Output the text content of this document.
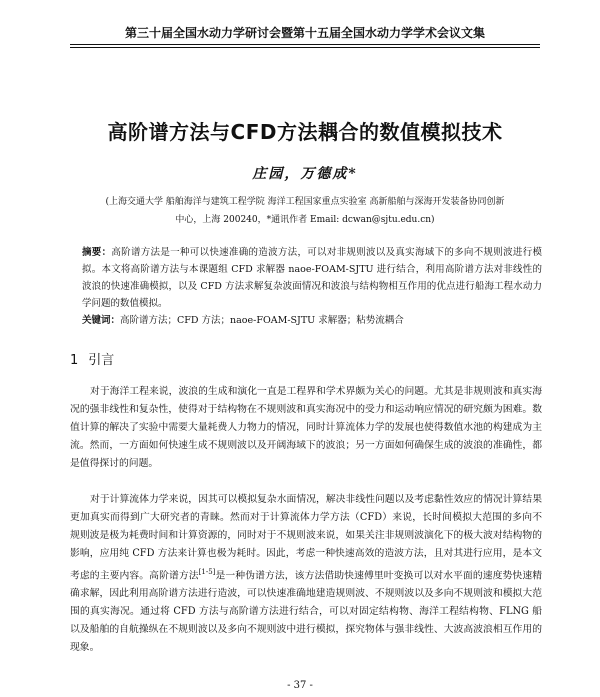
第三十届全国水动力学研讨会暨第十五届全国水动力学学术会议文集
高阶谱方法与CFD方法耦合的数值模拟技术
庄园，万德成*
(上海交通大学 船舶海洋与建筑工程学院 海洋工程国家重点实验室 高新船舶与深海开发装备协同创新
中心，上海 200240，*通讯作者 Email: dcwan@sjtu.edu.cn)
摘要：高阶谱方法是一种可以快速准确的造波方法，可以对非规则波以及真实海域下的多向不规则波进行模拟。本文将高阶谱方法与本课题组 CFD 求解器 naoe-FOAM-SJTU 进行结合，利用高阶谱方法对非线性的波浪的快速准确模拟，以及 CFD 方法求解复杂波面情况和波浪与结构物相互作用的优点进行船海工程水动力学问题的数值模拟。
关键词：高阶谱方法；CFD 方法；naoe-FOAM-SJTU 求解器；粘势流耦合
1 引言
对于海洋工程来说，波浪的生成和演化一直是工程界和学术界颇为关心的问题。尤其是非规则波和真实海况的强非线性和复杂性，使得对于结构物在不规则波和真实海况中的受力和运动响应情况的研究颇为困难。数值计算的解决了实验中需要大量耗费人力物力的情况，同时计算流体力学的发展也使得数值水池的构建成为主流。然而，一方面如何快速生成不规则波以及开阔海域下的波浪；另一方面如何确保生成的波浪的准确性，都是值得探讨的问题。
对于计算流体力学来说，因其可以模拟复杂水面情况，解决非线性问题以及考虑黏性效应的情况计算结果更加真实而得到广大研究者的青睐。然而对于计算流体力学方法（CFD）来说，长时间模拟大范围的多向不规则波是极为耗费时间和计算资源的，同时对于不规则波来说，如果关注非规则波演化下的极大波对结构物的影响，应用纯 CFD 方法来计算也极为耗时。因此，考虑一种快速高效的造波方法，且对其进行应用，是本文考虑的主要内容。高阶谱方法[1-5]是一种伪谱方法，该方法借助快速傅里叶变换可以对水平面的速度势快速精确求解，因此利用高阶谱方法进行造波，可以快速准确地建造规则波、不规则波以及多向不规则波和模拟大范围的真实海况。通过将 CFD 方法与高阶谱方法进行结合，可以对固定结构物、海洋工程结构物、FLNG 船以及船舶的自航操纵在不规则波以及多向不规则波中进行模拟，探究物体与强非线性、大波高波浪相互作用的现象。
- 37 -
